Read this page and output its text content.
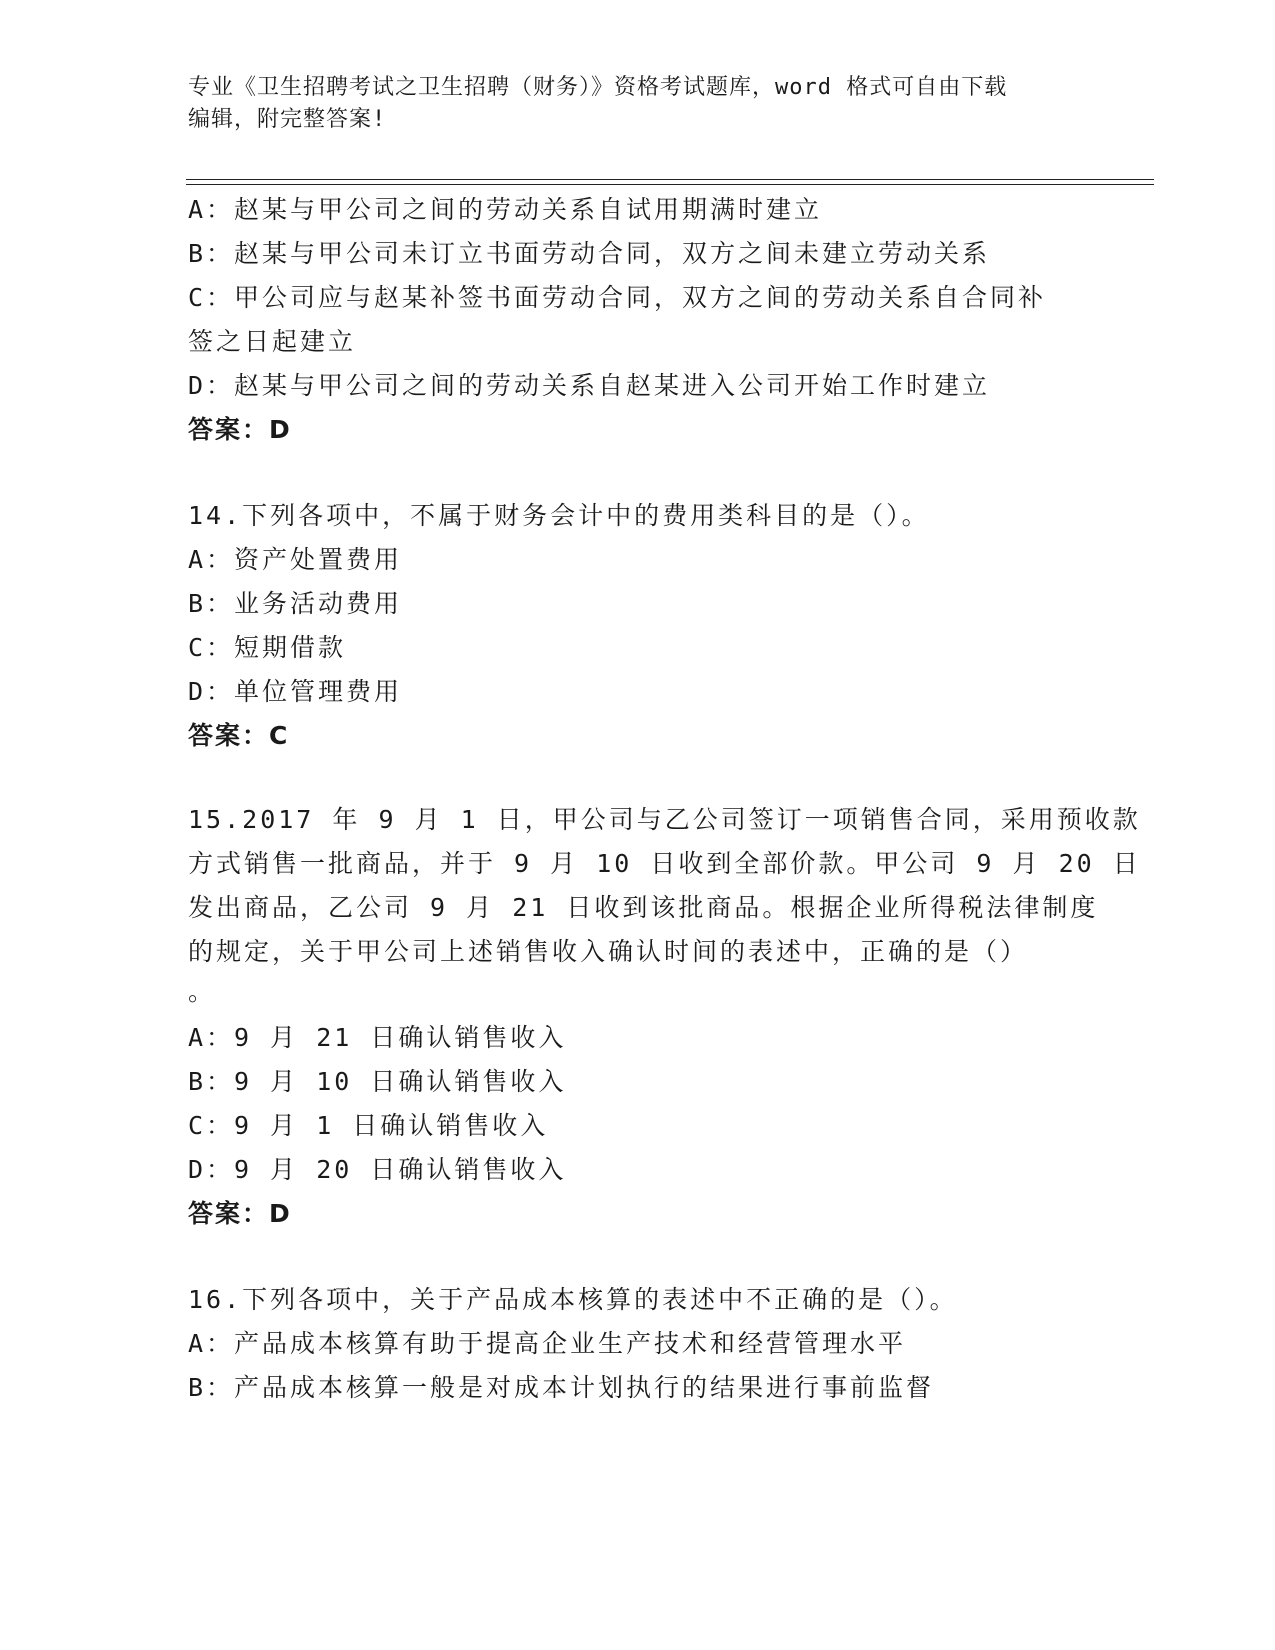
专业《卫生招聘考试之卫生招聘（财务）》资格考试题库，word 格式可自由下载
编辑，附完整答案!
A：赵某与甲公司之间的劳动关系自试用期满时建立
B：赵某与甲公司未订立书面劳动合同，双方之间未建立劳动关系
C：甲公司应与赵某补签书面劳动合同，双方之间的劳动关系自合同补
签之日起建立
D：赵某与甲公司之间的劳动关系自赵某进入公司开始工作时建立
答案：D
14.下列各项中，不属于财务会计中的费用类科目的是（）。
A：资产处置费用
B：业务活动费用
C：短期借款
D：单位管理费用
答案：C
15.2017 年 9 月 1 日，甲公司与乙公司签订一项销售合同，采用预收款
方式销售一批商品，并于 9 月 10 日收到全部价款。甲公司 9 月 20 日
发出商品，乙公司 9 月 21 日收到该批商品。根据企业所得税法律制度
的规定，关于甲公司上述销售收入确认时间的表述中，正确的是（）
。
A：9 月 21 日确认销售收入
B：9 月 10 日确认销售收入
C：9 月 1 日确认销售收入
D：9 月 20 日确认销售收入
答案：D
16.下列各项中，关于产品成本核算的表述中不正确的是（）。
A：产品成本核算有助于提高企业生产技术和经营管理水平
B：产品成本核算一般是对成本计划执行的结果进行事前监督
